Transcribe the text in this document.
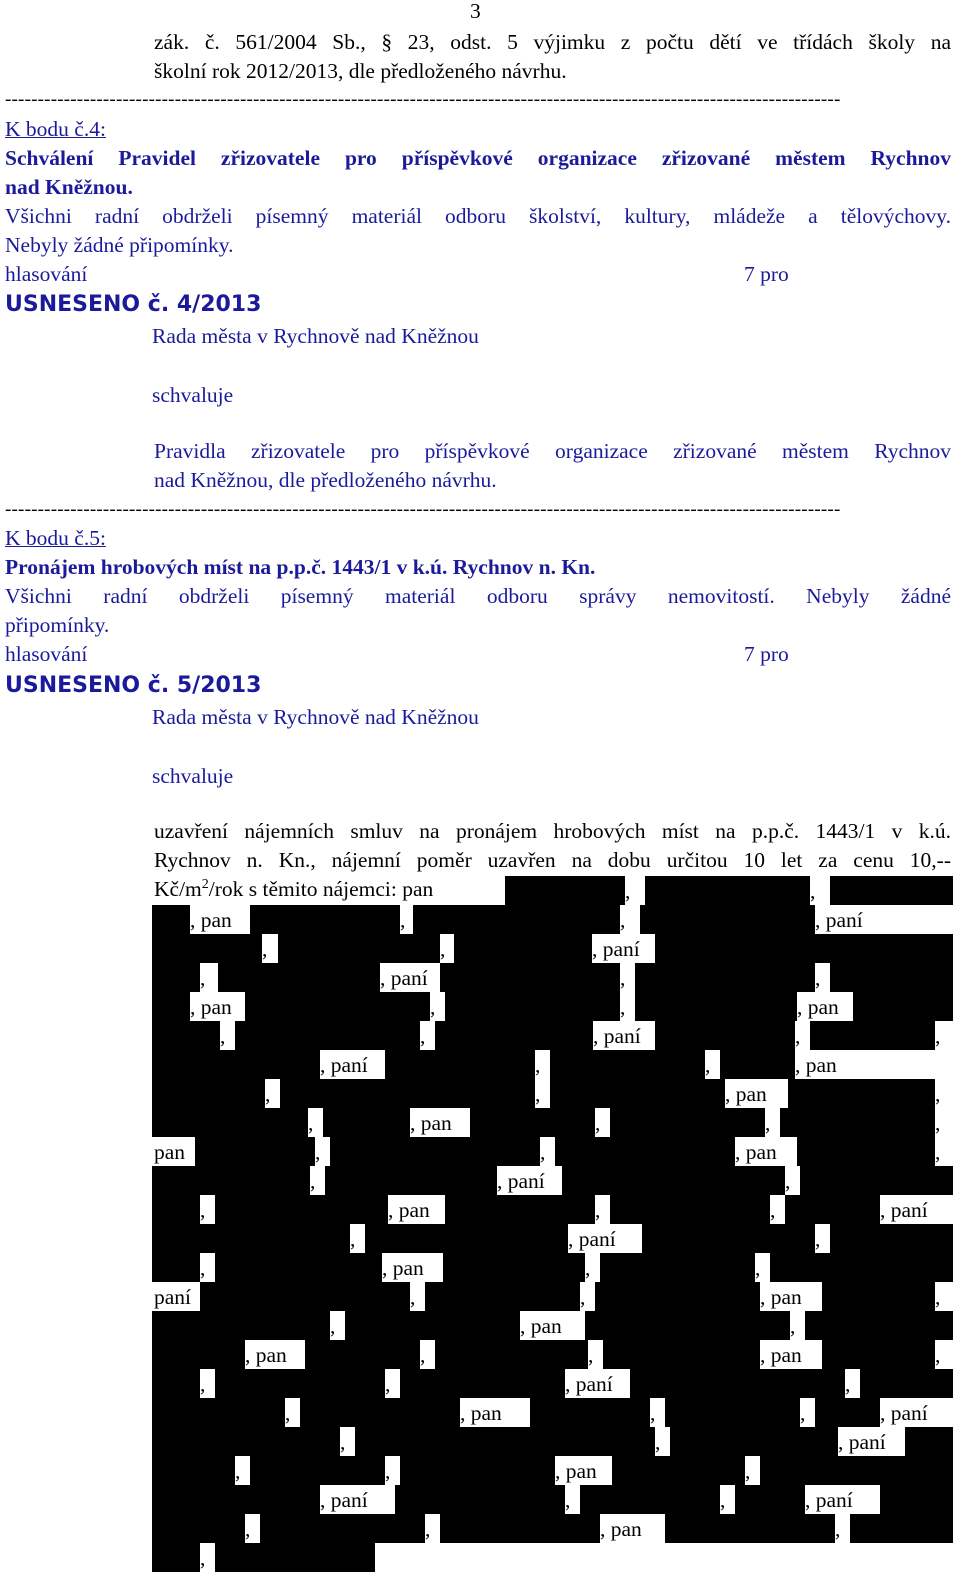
3
zák. č. 561/2004 Sb., § 23, odst. 5 výjimku z počtu dětí ve třídách školy na
školní rok 2012/2013, dle předloženého návrhu.
--------------------------------------------------------------------------------------------------------------------------------
K bodu č.4:
Schválení Pravidel zřizovatele pro příspěvkové organizace zřizované městem Rychnov
nad Kněžnou.
Všichni radní obdrželi písemný materiál odboru školství, kultury, mládeže a tělovýchovy.
Nebyly žádné připomínky.
hlasování	7 pro
USNESENO č. 4/2013
Rada města v Rychnově nad Kněžnou
schvaluje
Pravidla zřizovatele pro příspěvkové organizace zřizované městem Rychnov
nad Kněžnou, dle předloženého návrhu.
--------------------------------------------------------------------------------------------------------------------------------
K bodu č.5:
Pronájem hrobových míst na p.p.č. 1443/1 v k.ú. Rychnov n. Kn.
Všichni radní obdrželi písemný materiál odboru správy nemovitostí. Nebyly žádné
připomínky.
hlasování	7 pro
USNESENO č. 5/2013
Rada města v Rychnově nad Kněžnou
schvaluje
uzavření nájemních smluv na pronájem hrobových míst na p.p.č. 1443/1 v k.ú.
Rychnov n. Kn., nájemní poměr uzavřen na dobu určitou 10 let za cenu 10,--
$Kč/m^2$/rok s těmito nájemci: pan	,	,
, pan	,	,	, paní
,	,	, paní
,	, paní	,	,
, pan	,	,	, pan
,	,	, paní	,	,
, paní	,	,	, pan
,	,	, pan	,
,	, pan	,	,	,
pan	,	,	, pan	,
,	, paní	,
,	, pan	,	,	, paní
,	, paní	,
,	, pan	,	,
paní	,	,	, pan	,
,	, pan	,
, pan	,	,	, pan	,
,	,	, paní	,
,	, pan	,	,	, paní
,	,	, paní
,	,	, pan	,
, paní	,	,	, paní
,	,	, pan	,
,
